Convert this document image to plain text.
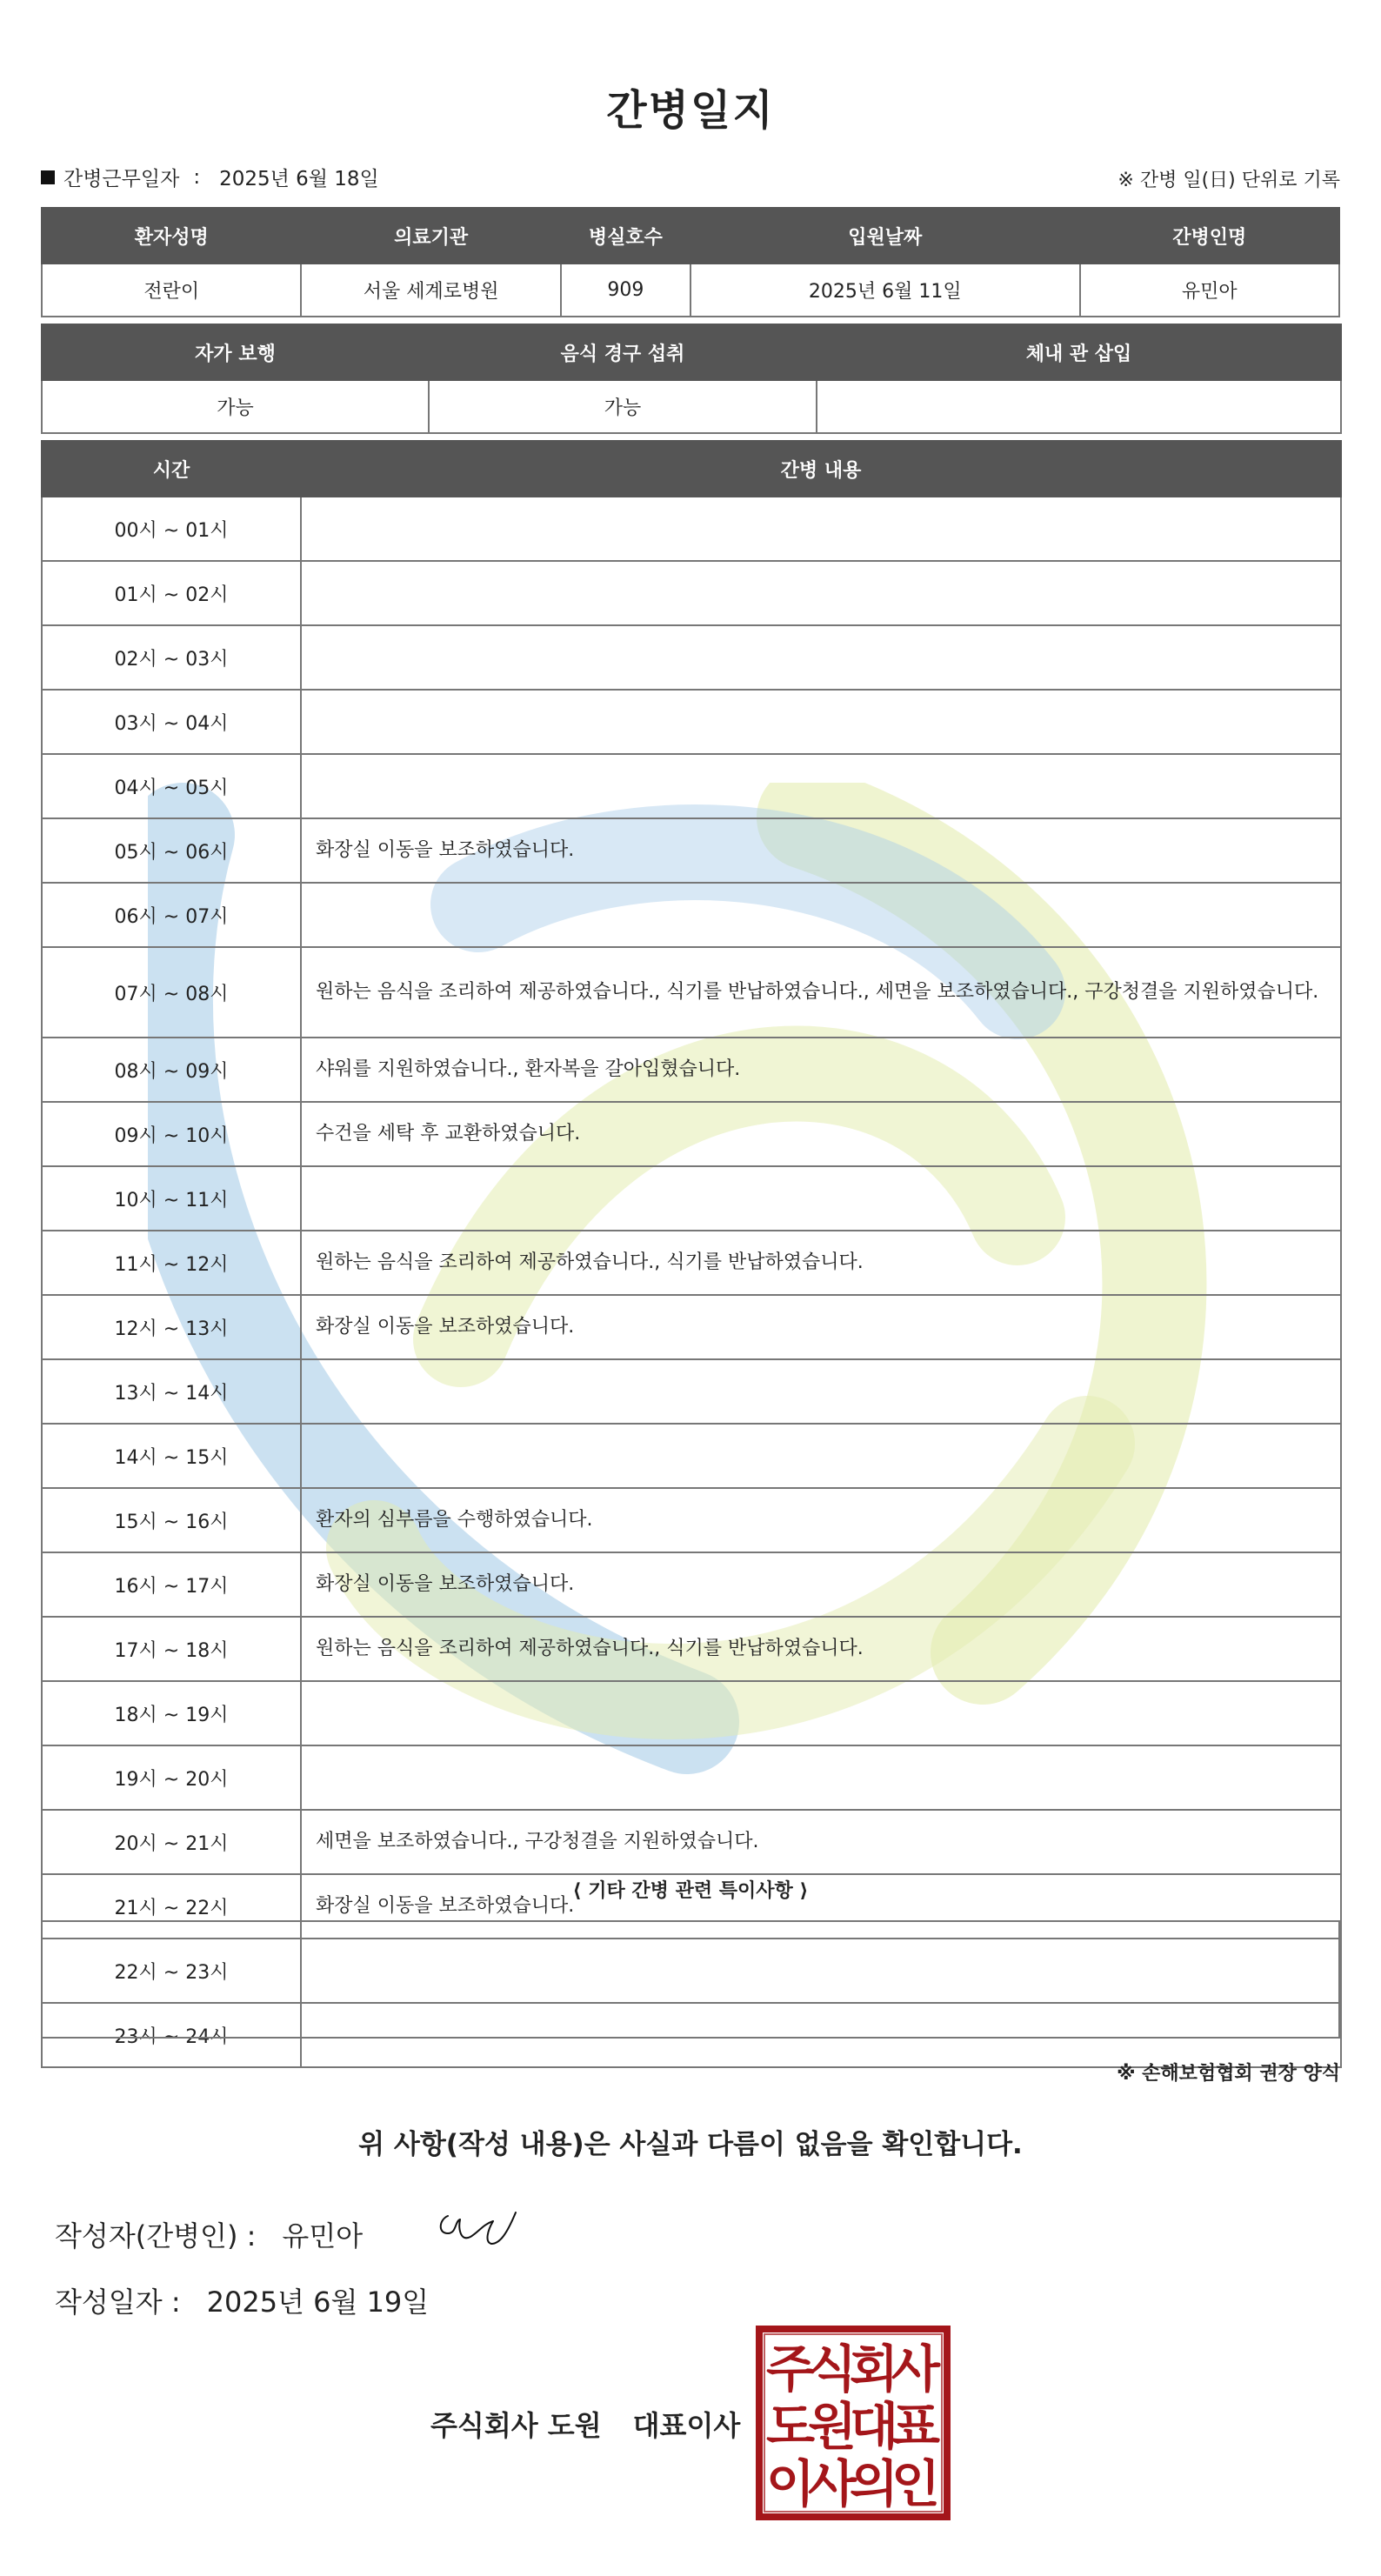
간병일지
간병근무일자 : 2025년 6월 18일	※ 간병 일(日) 단위로 기록
환자성명	의료기관	병실호수	입원날짜	간병인명
전란이	서울 세계로병원	909	2025년 6월 11일	유민아
자가 보행	음식 경구 섭취	체내 관 삽입
가능	가능	
시간	간병 내용
00시 ~ 01시	
01시 ~ 02시	
02시 ~ 03시	
03시 ~ 04시	
04시 ~ 05시	
05시 ~ 06시	화장실 이동을 보조하였습니다.
06시 ~ 07시	
07시 ~ 08시	원하는 음식을 조리하여 제공하였습니다., 식기를 반납하였습니다., 세면을 보조하였습니다., 구강청결을 지원하였습니다.
08시 ~ 09시	샤워를 지원하였습니다., 환자복을 갈아입혔습니다.
09시 ~ 10시	수건을 세탁 후 교환하였습니다.
10시 ~ 11시	
11시 ~ 12시	원하는 음식을 조리하여 제공하였습니다., 식기를 반납하였습니다.
12시 ~ 13시	화장실 이동을 보조하였습니다.
13시 ~ 14시	
14시 ~ 15시	
15시 ~ 16시	환자의 심부름을 수행하였습니다.
16시 ~ 17시	화장실 이동을 보조하였습니다.
17시 ~ 18시	원하는 음식을 조리하여 제공하였습니다., 식기를 반납하였습니다.
18시 ~ 19시	
19시 ~ 20시	
20시 ~ 21시	세면을 보조하였습니다., 구강청결을 지원하였습니다.
21시 ~ 22시	화장실 이동을 보조하였습니다.
22시 ~ 23시	
23시 ~ 24시	
⟨ 기타 간병 관련 특이사항 ⟩
※ 손해보험협회 권장 양식
위 사항(작성 내용)은 사실과 다름이 없음을 확인합니다.
작성자(간병인) : 유민아
작성일자 : 2025년 6월 19일
주식회사 도원 대표이사
주
식
회
사
도
원
대
표
이
사
의
인
